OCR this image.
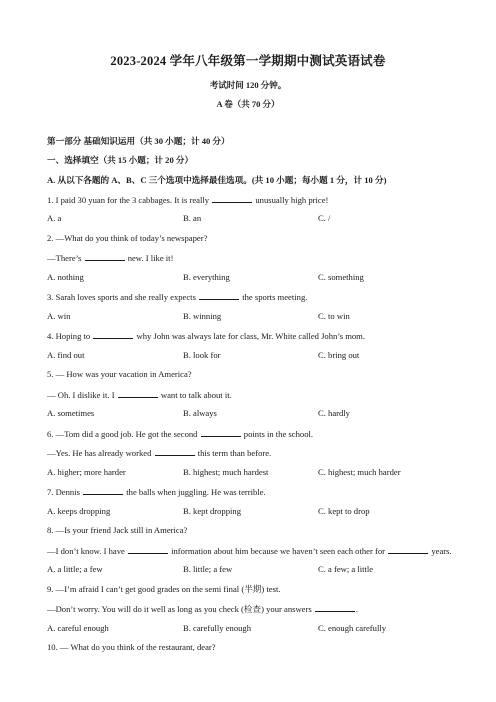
2023-2024 学年八年级第一学期期中测试英语试卷
考试时间 120 分钟。
A 卷（共 70 分）
第一部分 基础知识运用（共 30 小题；计 40 分）
一、选择填空（共 15 小题；计 20 分）
A. 从以下各题的 A、B、C 三个选项中选择最佳选项。(共 10 小题；每小题 1 分，计 10 分)
1. I paid 30 yuan for the 3 cabbages. It is really	unusually high price!
A. a	B. an	C. /
2. —What do you think of today’s newspaper?
—There’s	new. I like it!
A. nothing	B. everything	C. something
3. Sarah loves sports and she really expects	the sports meeting.
A. win	B. winning	C. to win
4. Hoping to	why John was always late for class, Mr. White called John’s mom.
A. find out	B. look for	C. bring out
5. — How was your vacation in America?
— Oh. I dislike it. I	want to talk about it.
A. sometimes	B. always	C. hardly
6. —Tom did a good job. He got the second	points in the school.
—Yes. He has already worked	this term than before.
A. higher; more harder	B. highest; much hardest	C. highest; much harder
7. Dennis	the balls when juggling. He was terrible.
A. keeps dropping	B. kept dropping	C. kept to drop
8. —Is your friend Jack still in America?
—I don’t know. I have	information about him because we haven’t seen each other for	years.
A. a little; a few	B. little; a few	C. a few; a little
9. —I’m afraid I can’t get good grades on the semi final (半期) test.
—Don’t worry. You will do it well as long as you check (检查) your answers	.
A. careful enough	B. carefully enough	C. enough carefully
10. — What do you think of the restaurant, dear?
